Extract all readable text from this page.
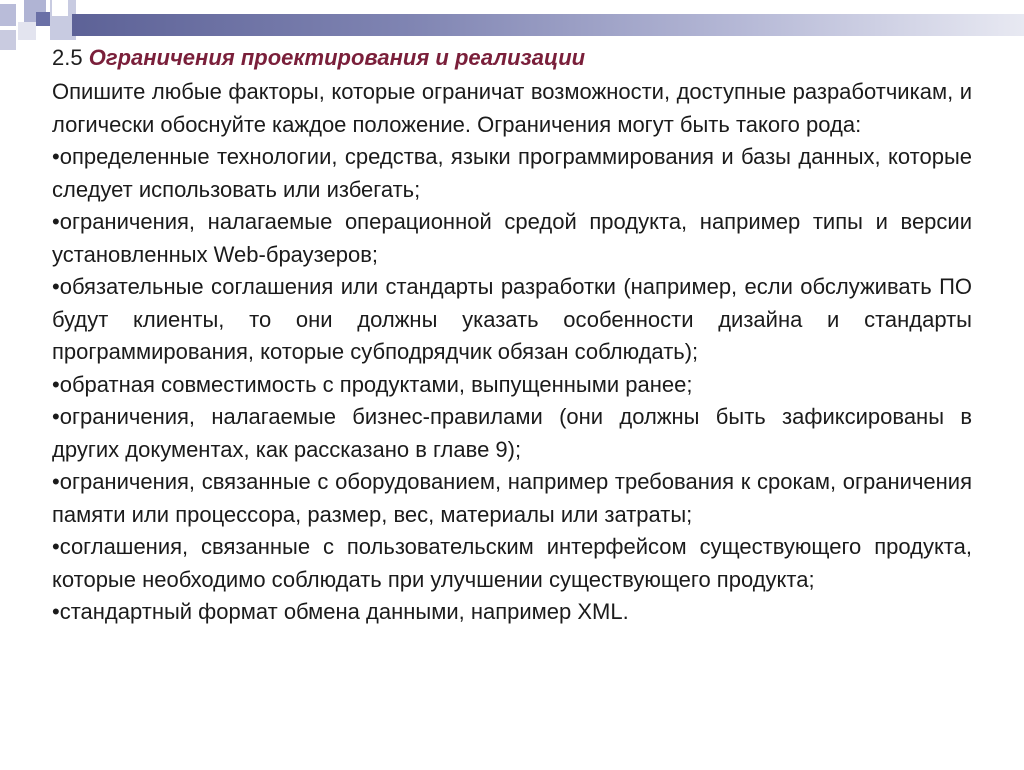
2.5 Ограничения проектирования и реализации

Опишите любые факторы, которые ограничат возможности, доступные разработчикам, и логически обоснуйте каждое положение. Ограничения могут быть такого рода:

•определенные технологии, средства, языки программирования и базы данных, которые следует использовать или избегать;

•ограничения, налагаемые операционной средой продукта, например типы и версии установленных Web-браузеров;

•обязательные соглашения или стандарты разработки (например, если обслуживать ПО будут клиенты, то они должны указать особенности дизайна и стандарты программирования, которые субподрядчик обязан соблюдать);

•обратная совместимость с продуктами, выпущенными ранее;

•ограничения, налагаемые бизнес-правилами (они должны быть зафиксированы в других документах, как рассказано в главе 9);

•ограничения, связанные с оборудованием, например требования к срокам, ограничения памяти или процессора, размер, вес, материалы или затраты;

•соглашения, связанные с пользовательским интерфейсом существующего продукта, которые необходимо соблюдать при улучшении существующего продукта;

•стандартный формат обмена данными, например XML.
